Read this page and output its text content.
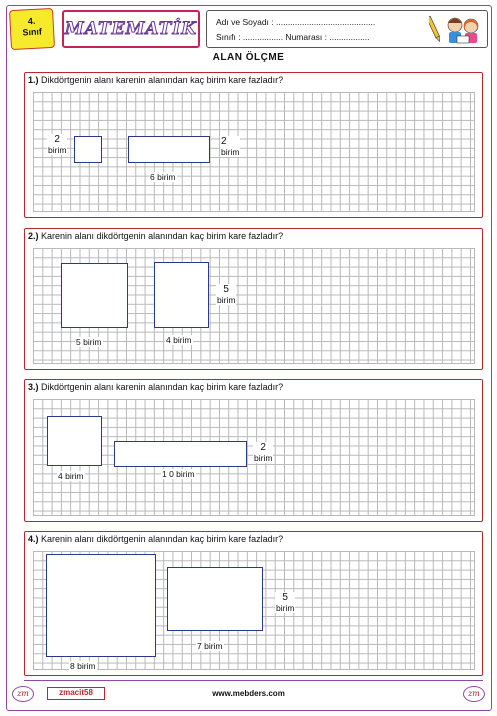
4.
Sınıf	MATEMATİK Adı ve Soyadı : ..........................................
Sınıfı : ................. Numarası : .................
ALAN ÖLÇME
1.) Dikdörtgenin alanı karenin alanından kaç birim kare fazladır?
2
birim
2
birim
6 birim
2.) Karenin alanı dikdörtgenin alanından kaç birim kare fazladır?
5 birim	4 birim
5
birim
3.) Dikdörtgenin alanı karenin alanından kaç birim kare fazladır?
4 birim	1 0 birim
2
birim
4.) Karenin alanı dikdörtgenin alanından kaç birim kare fazladır?
8 birim
7 birim
5
birim
zm	zmacit58	www.mebders.com	zm
